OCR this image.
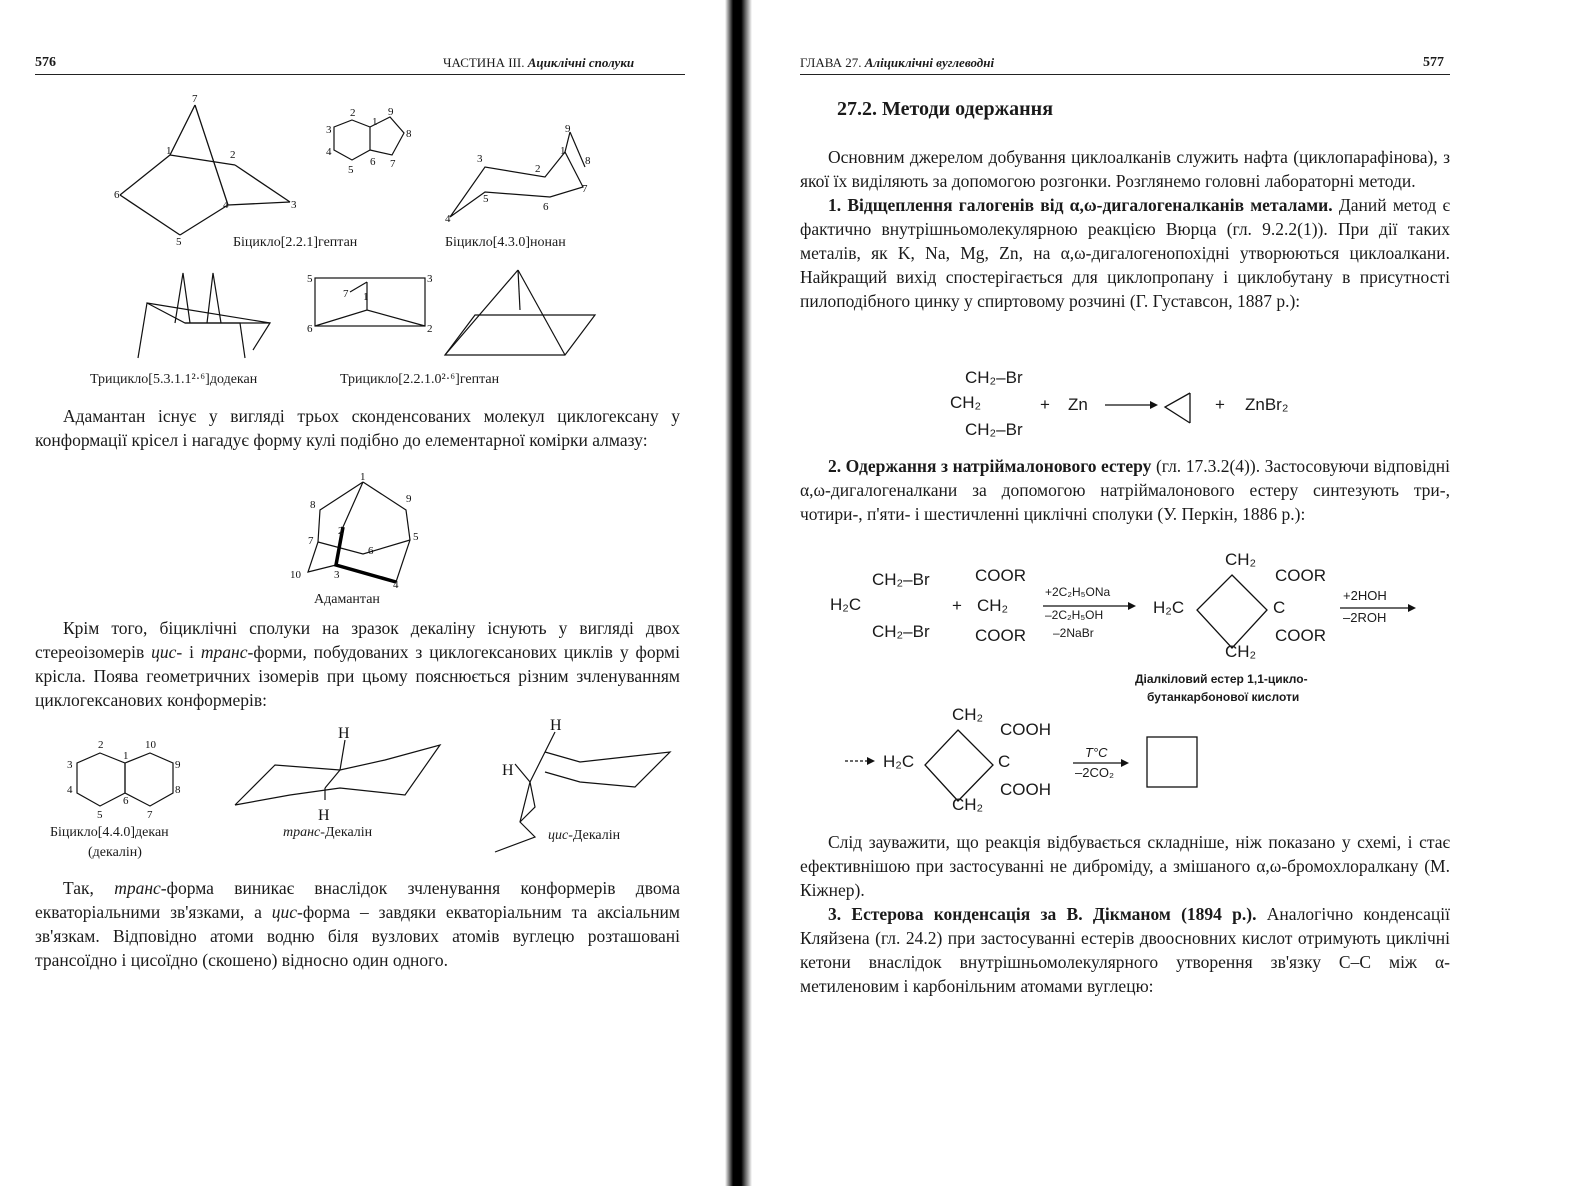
576	ЧАСТИНА ІІІ. Ациклічні сполуки
7
1	2
6
4	3
5	Біцикло[2.2.1]гептан
2
3
4
5
6
1
9
8
7	3
2
1
9
8
7
6
5
4
Біцикло[4.3.0]нонан
Трицикло[5.3.1.1²·⁶]додекан
5	3
7
6	2
1
Трицикло[2.2.1.0²·⁶]гептан

Адамантан існує у вигляді трьох сконденсованих молекул циклогексану у конформації крісел і нагадує форму кулі подібно до елементарної комірки алмазу:

1
8	9
2
7	5
6
10	3
4
Адамантан

Крім того, біциклічні сполуки на зразок декаліну існують у вигляді двох стереоізомерів цис- і транс-форми, побудованих з циклогексанових циклів у формі крісла. Поява геометричних ізомерів при цьому пояснюється різним зчленуванням циклогексанових конформерів:

2
1
10
3	9
4	8
5
6
7
Біцикло[4.4.0]декан
(декалін)
H
H
транс-Декалін
H
H
цис-Декалін

Так, транс-форма виникає внаслідок зчленування конформерів двома екваторіальними зв'язками, а цис-форма – завдяки екваторіальним та аксіальним зв'язкам. Відповідно атоми водню біля вузлових атомів вуглецю розташовані трансоїдно і цисоїдно (скошено) відносно один одного.

ГЛАВА 27. Аліциклічні вуглеводні	577
27.2. Методи одержання

Основним джерелом добування циклоалканів служить нафта (циклопарафінова), з якої їх виділяють за допомогою розгонки. Розглянемо головні лабораторні методи.

1. Відщеплення галогенів від α,ω-дигалогеналканів металами. Даний метод є фактично внутрішньомолекулярною реакцією Вюрца (гл. 9.2.2(1)). При дії таких металів, як K, Na, Mg, Zn, на α,ω-дигалогенопохідні утворюються циклоалкани. Найкращий вихід спостерігається для циклопропану і циклобутану в присутності пилоподібного цинку у спиртовому розчині (Г. Густавсон, 1887 р.):

CH₂–Br
CH₂
CH₂–Br
+ Zn	+ ZnBr₂

2. Одержання з натріймалонового естеру (гл. 17.3.2(4)). Застосовуючи відповідні α,ω-дигалогеналкани за допомогою натріймалонового естеру синтезують три-, чотири-, п'яти- і шестичленні циклічні сполуки (У. Перкін, 1886 р.):

CH₂–Br
H₂C
CH₂–Br
+
COOR
CH₂
COOR
+2C₂H₅ONa
–2C₂H₅OH
–2NaBr
H₂C
CH₂
C
CH₂
COOR
COOR
+2HOH
–2ROH
Діалкіловий естер 1,1-цикло-
бутанкарбонової кислоти
H₂C
CH₂
C
CH₂
COOH
COOH
T°C
–2CO₂

Слід зауважити, що реакція відбувається складніше, ніж показано у схемі, і стає ефективнішою при застосуванні не диброміду, а змішаного α,ω-бромохлоралкану (М. Кіжнер).

3. Естерова конденсація за В. Дікманом (1894 р.). Аналогічно конденсації Кляйзена (гл. 24.2) при застосуванні естерів двоосновних кислот отримують циклічні кетони внаслідок внутрішньомолекулярного утворення зв'язку С–С між α-метиленовим і карбонільним атомами вуглецю:
